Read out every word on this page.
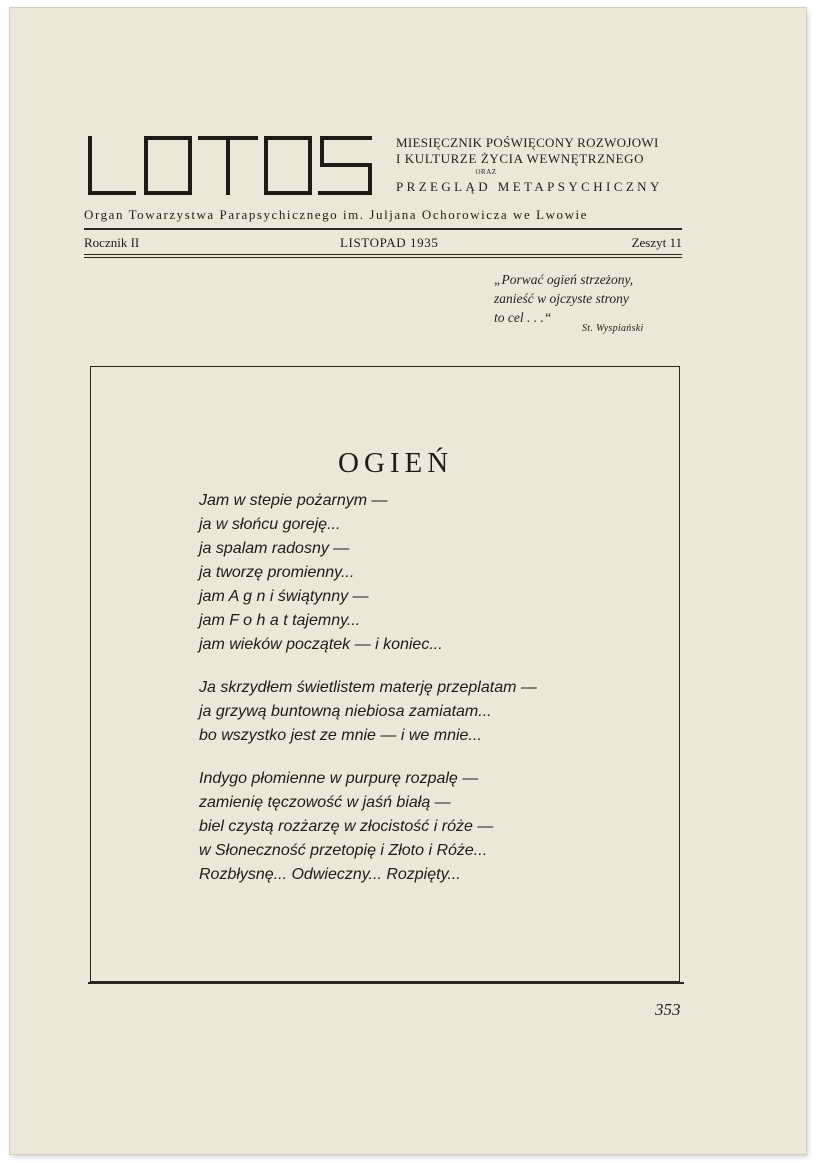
MIESIĘCZNIK POŚWIĘCONY ROZWOJOWI
I KULTURZE ŻYCIA WEWNĘTRZNEGO
ORAZ
PRZEGLĄD METAPSYCHICZNY
Organ Towarzystwa Parapsychicznego im. Juljana Ochorowicza we Lwowie
Rocznik II	LISTOPAD 1935	Zeszyt 11
„Porwać ogień strzeżony,
zanieść w ojczyste strony
to cel . . .“
St. Wyspiański
OGIEŃ
Jam w stepie pożarnym —
ja w słońcu goreję...
ja spalam radosny —
ja tworzę promienny...
jam A g n i świątynny —
jam F o h a t tajemny...
jam wieków początek — i koniec...
Ja skrzydłem świetlistem materję przeplatam —
ja grzywą buntowną niebiosa zamiatam...
bo wszystko jest ze mnie — i we mnie...
Indygo płomienne w purpurę rozpalę —
zamienię tęczowość w jaśń białą —
biel czystą rozżarzę w złocistość i róże —
w Słoneczność przetopię i Złoto i Róże...
Rozbłysnę... Odwieczny... Rozpięty...
353
